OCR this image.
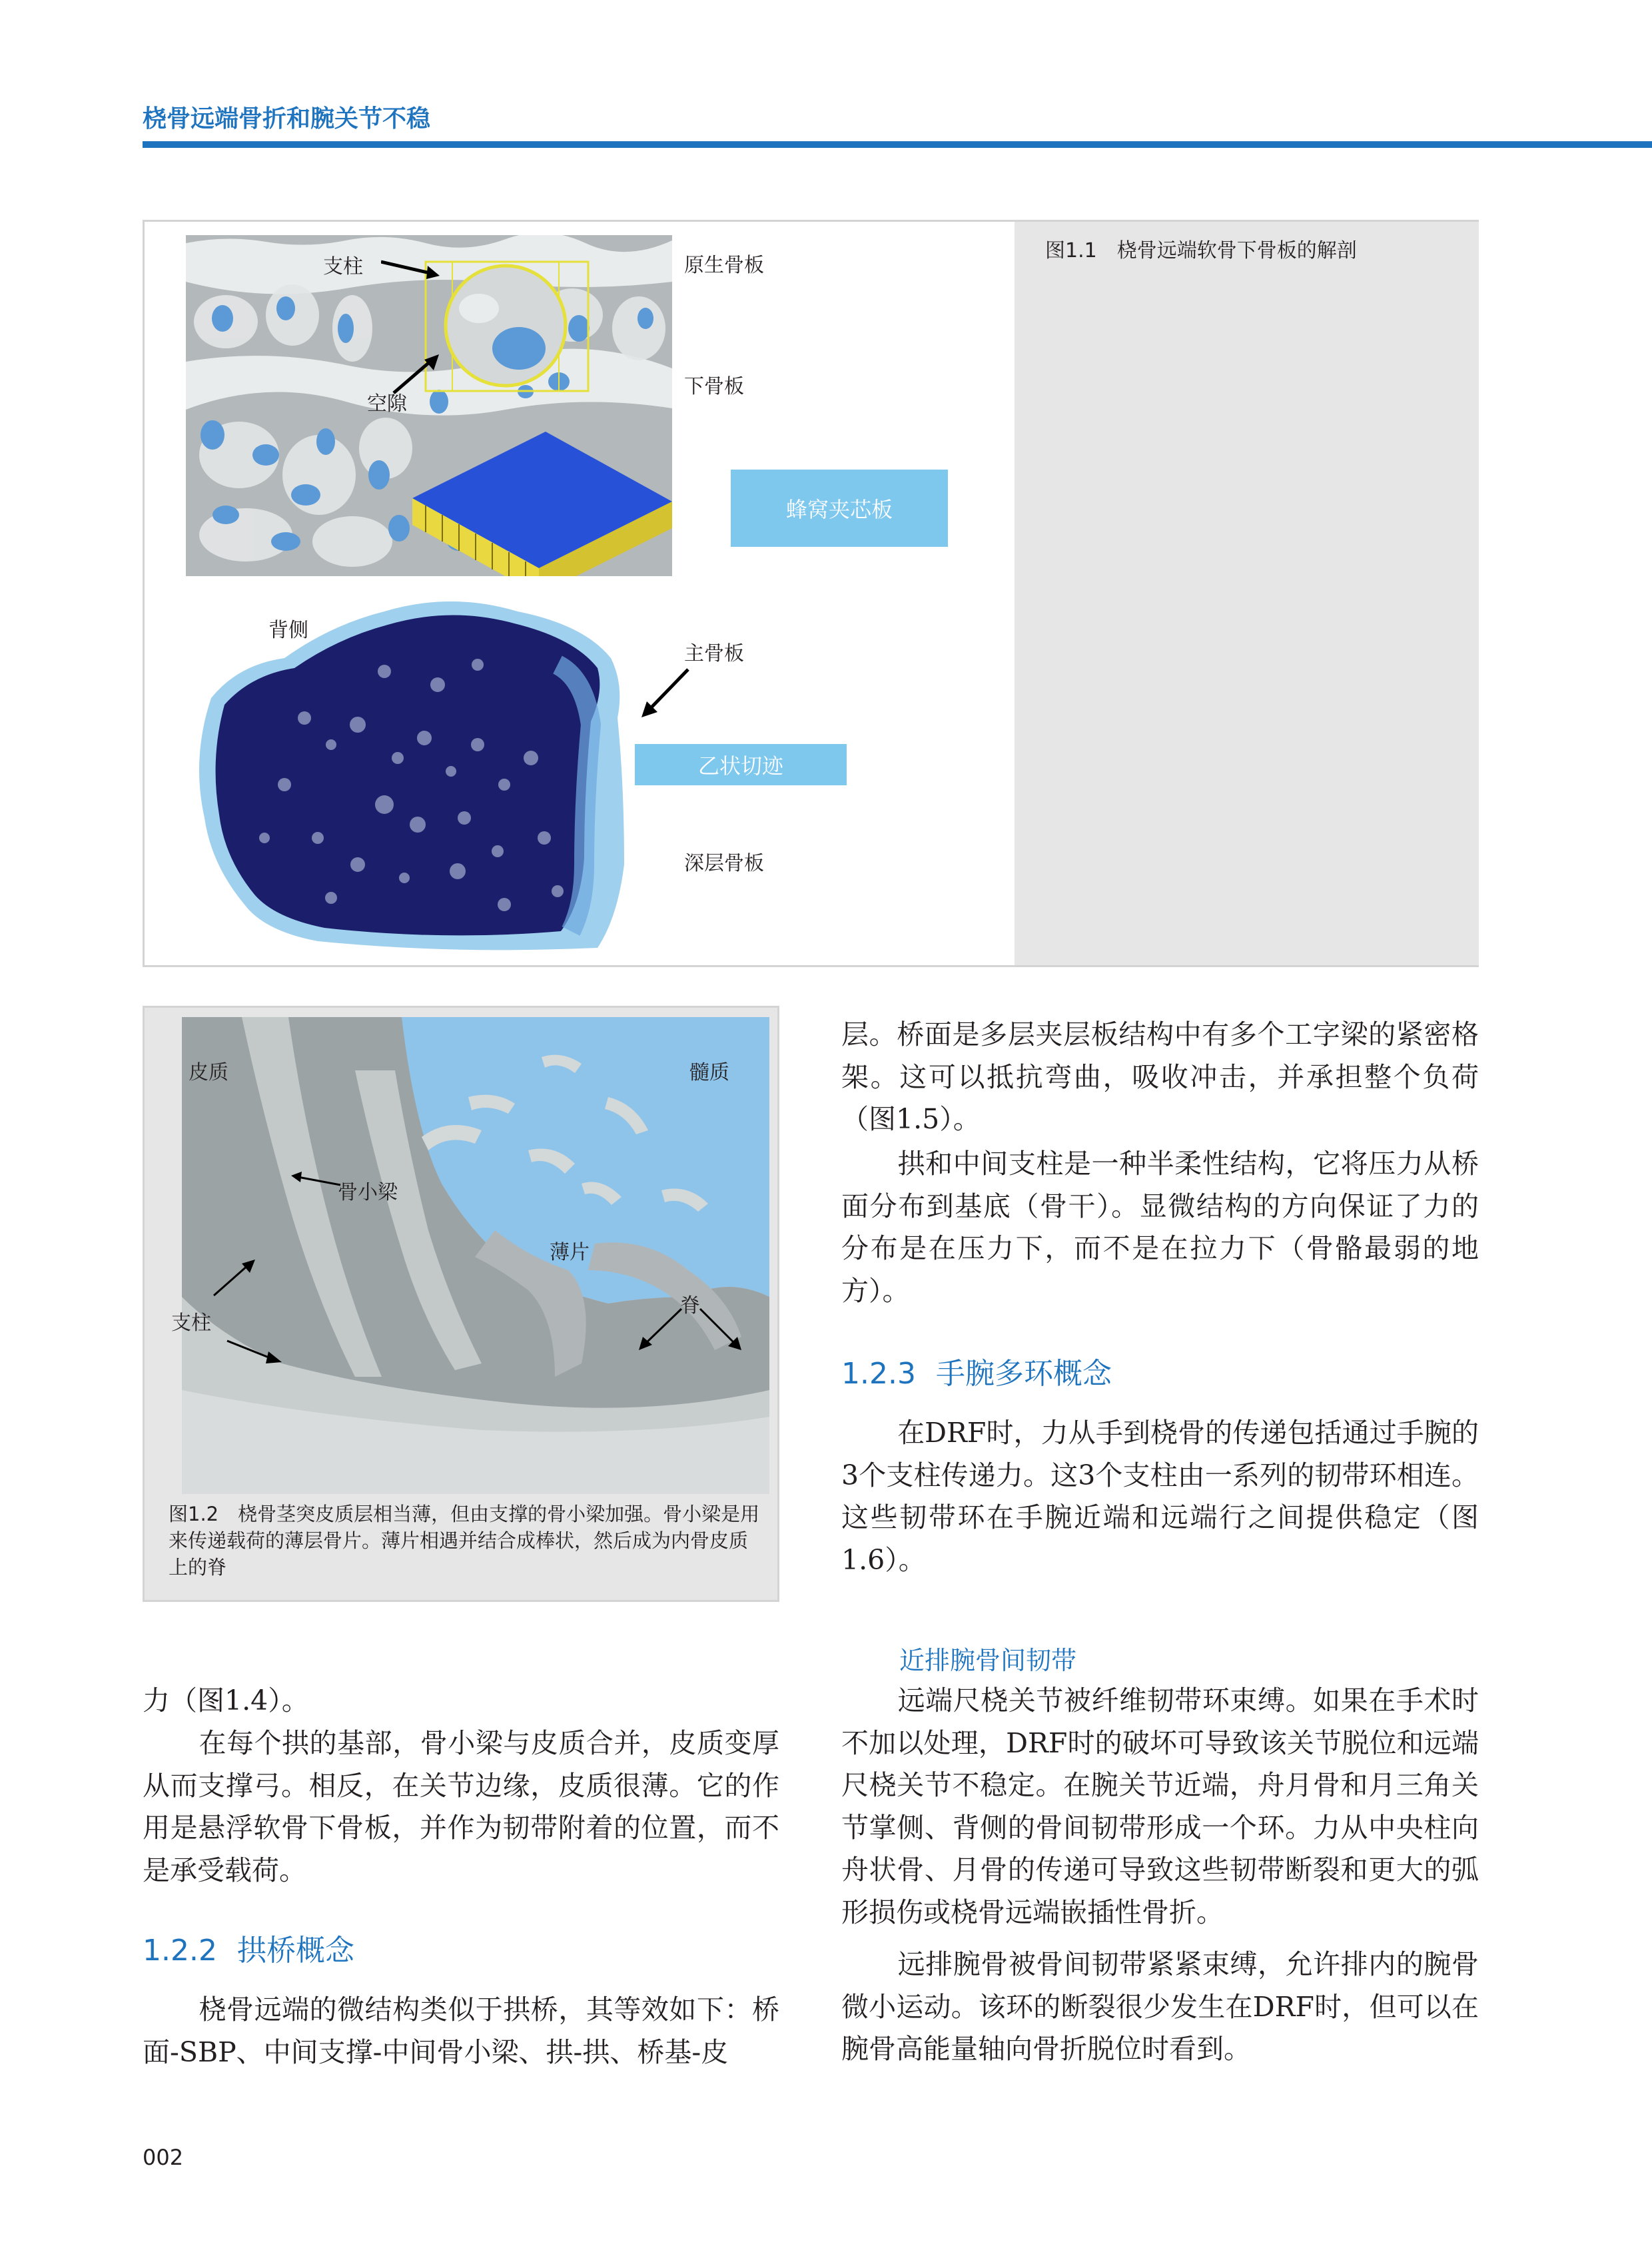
桡骨远端骨折和腕关节不稳
支柱
空隙
原生骨板
下骨板
蜂窝夹芯板
背侧
主骨板
乙状切迹
深层骨板
图1.1　桡骨远端软骨下骨板的解剖
皮质	髓质
骨小梁
薄片
支柱
脊
图1.2　桡骨茎突皮质层相当薄，但由支撑的骨小梁加强。骨小梁是用来传递载荷的薄层骨片。薄片相遇并结合成棒状，然后成为内骨皮质上的脊
力（图1.4）。
在每个拱的基部，骨小梁与皮质合并，皮质变厚从而支撑弓。相反，在关节边缘，皮质很薄。它的作用是悬浮软骨下骨板，并作为韧带附着的位置，而不是承受载荷。
1.2.2 拱桥概念
桡骨远端的微结构类似于拱桥，其等效如下：桥面-SBP、中间支撑-中间骨小梁、拱-拱、桥基-皮
层。桥面是多层夹层板结构中有多个工字梁的紧密格架。这可以抵抗弯曲，吸收冲击，并承担整个负荷（图1.5）。
拱和中间支柱是一种半柔性结构，它将压力从桥面分布到基底（骨干）。显微结构的方向保证了力的分布是在压力下，而不是在拉力下（骨骼最弱的地方）。
1.2.3 手腕多环概念
在DRF时，力从手到桡骨的传递包括通过手腕的3个支柱传递力。这3个支柱由一系列的韧带环相连。这些韧带环在手腕近端和远端行之间提供稳定（图1.6）。
近排腕骨间韧带
远端尺桡关节被纤维韧带环束缚。如果在手术时不加以处理，DRF时的破坏可导致该关节脱位和远端尺桡关节不稳定。在腕关节近端，舟月骨和月三角关节掌侧、背侧的骨间韧带形成一个环。力从中央柱向舟状骨、月骨的传递可导致这些韧带断裂和更大的弧形损伤或桡骨远端嵌插性骨折。
远排腕骨被骨间韧带紧紧束缚，允许排内的腕骨微小运动。该环的断裂很少发生在DRF时，但可以在腕骨高能量轴向骨折脱位时看到。
002
